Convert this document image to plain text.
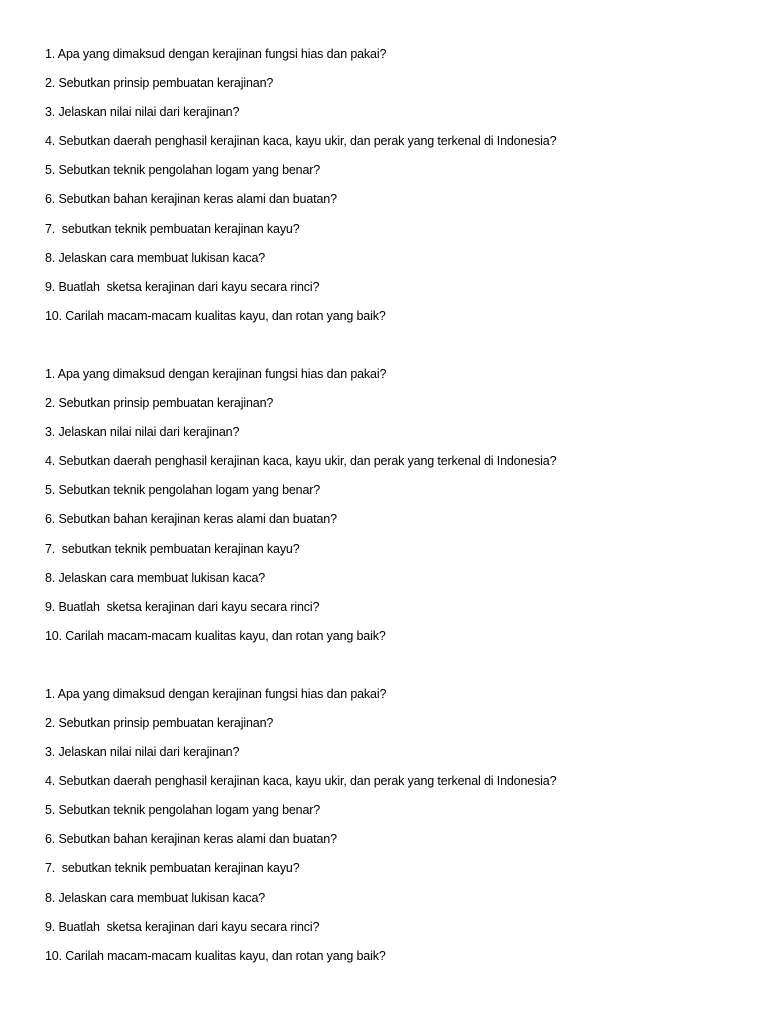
1. Apa yang dimaksud dengan kerajinan fungsi hias dan pakai?

2. Sebutkan prinsip pembuatan kerajinan?

3. Jelaskan nilai nilai dari kerajinan?

4. Sebutkan daerah penghasil kerajinan kaca, kayu ukir, dan perak yang terkenal di Indonesia?

5. Sebutkan teknik pengolahan logam yang benar?

6. Sebutkan bahan kerajinan keras alami dan buatan?

7.  sebutkan teknik pembuatan kerajinan kayu?

8. Jelaskan cara membuat lukisan kaca?

9. Buatlah  sketsa kerajinan dari kayu secara rinci?

10. Carilah macam-macam kualitas kayu, dan rotan yang baik?

1. Apa yang dimaksud dengan kerajinan fungsi hias dan pakai?

2. Sebutkan prinsip pembuatan kerajinan?

3. Jelaskan nilai nilai dari kerajinan?

4. Sebutkan daerah penghasil kerajinan kaca, kayu ukir, dan perak yang terkenal di Indonesia?

5. Sebutkan teknik pengolahan logam yang benar?

6. Sebutkan bahan kerajinan keras alami dan buatan?

7.  sebutkan teknik pembuatan kerajinan kayu?

8. Jelaskan cara membuat lukisan kaca?

9. Buatlah  sketsa kerajinan dari kayu secara rinci?

10. Carilah macam-macam kualitas kayu, dan rotan yang baik?

1. Apa yang dimaksud dengan kerajinan fungsi hias dan pakai?

2. Sebutkan prinsip pembuatan kerajinan?

3. Jelaskan nilai nilai dari kerajinan?

4. Sebutkan daerah penghasil kerajinan kaca, kayu ukir, dan perak yang terkenal di Indonesia?

5. Sebutkan teknik pengolahan logam yang benar?

6. Sebutkan bahan kerajinan keras alami dan buatan?

7.  sebutkan teknik pembuatan kerajinan kayu?

8. Jelaskan cara membuat lukisan kaca?

9. Buatlah  sketsa kerajinan dari kayu secara rinci?

10. Carilah macam-macam kualitas kayu, dan rotan yang baik?
